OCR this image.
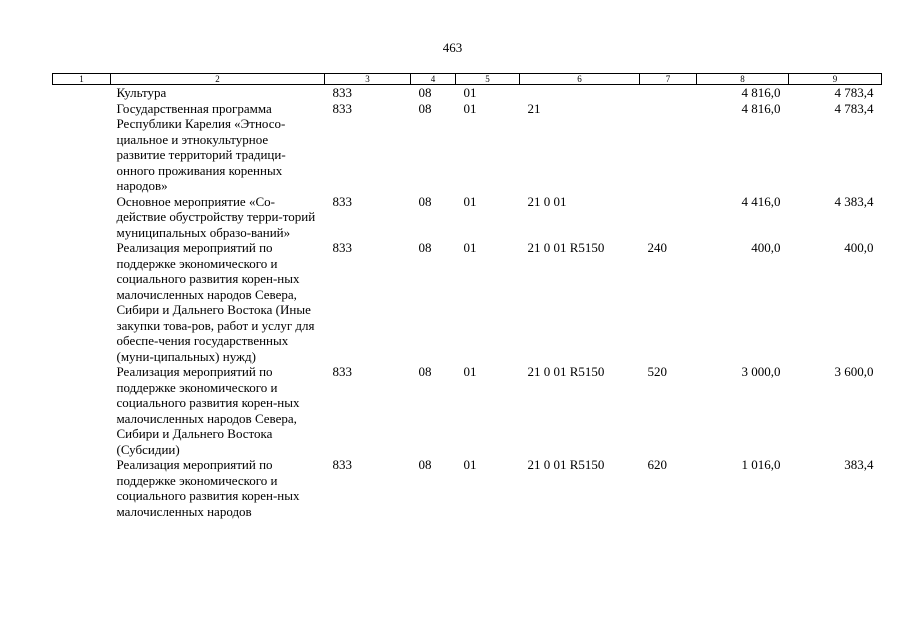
463
1	2	3	4	5	6	7	8	9
	Культура	833	08	01			4 816,0	4 783,4
	Государственная программа Республики Карелия «Этносо-циальное и этнокультурное развитие территорий традици-онного проживания коренных народов»	833	08	01	21		4 816,0	4 783,4
	Основное мероприятие «Со-действие обустройству терри-торий муниципальных образо-ваний»	833	08	01	21 0 01		4 416,0	4 383,4
	Реализация мероприятий по поддержке экономического и социального развития корен-ных малочисленных народов Севера, Сибири и Дальнего Востока (Иные закупки това-ров, работ и услуг для обеспе-чения государственных (муни-ципальных) нужд)	833	08	01	21 0 01 R5150	240	400,0	400,0
	Реализация мероприятий по поддержке экономического и социального развития корен-ных малочисленных народов Севера, Сибири и Дальнего Востока (Субсидии)	833	08	01	21 0 01 R5150	520	3 000,0	3 600,0
	Реализация мероприятий по поддержке экономического и социального развития корен-ных малочисленных народов	833	08	01	21 0 01 R5150	620	1 016,0	383,4
